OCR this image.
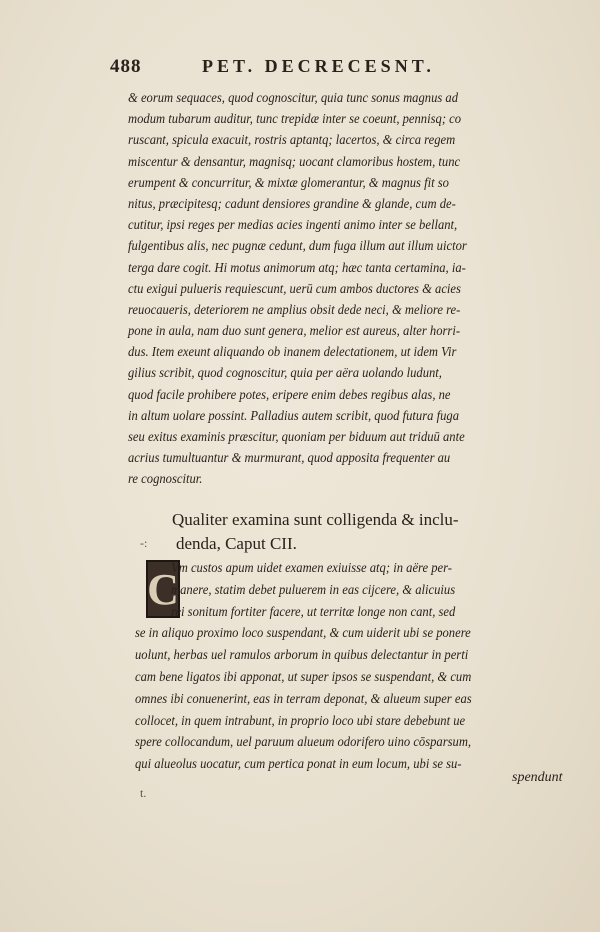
488	PET. DECRECESNT.
& eorum sequaces, quod cognoscitur, quia tunc sonus magnus ad
modum tubarum auditur, tunc trepidæ inter se coeunt, pennisq; co
ruscant, spicula exacuit, rostris aptantq; lacertos, & circa regem
miscentur & densantur, magnisq; uocant clamoribus hostem, tunc
erumpent & concurritur, & mixtæ glomerantur, & magnus fit so
nitus, præcipitesq; cadunt densiores grandine & glande, cum de-
cutitur, ipsi reges per medias acies ingenti animo inter se bellant,
fulgentibus alis, nec pugnæ cedunt, dum fuga illum aut illum uictor
terga dare cogit. Hi motus animorum atq; hæc tanta certamina, ia-
ctu exigui pulueris requiescunt, uerū cum ambos ductores & acies
reuocaueris, deteriorem ne amplius obsit dede neci, & meliore re-
pone in aula, nam duo sunt genera, melior est aureus, alter horri-
dus. Item exeunt aliquando ob inanem delectationem, ut idem Vir
gilius scribit, quod cognoscitur, quia per aëra uolando ludunt,
quod facile prohibere potes, eripere enim debes regibus alas, ne
in altum uolare possint. Palladius autem scribit, quod futura fuga
seu exitus examinis præscitur, quoniam per biduum aut triduū ante
acrius tumultuantur & murmurant, quod apposita frequenter au
re cognoscitur.
Qualiter examina sunt colligenda & inclu-
denda, Caput CII.
-:
C
Vm custos apum uidet examen exiuisse atq; in aëre per-
manere, statim debet puluerem in eas cijcere, & alicuius
rei sonitum fortiter facere, ut territæ longe non cant, sed
se in aliquo proximo loco suspendant, & cum uiderit ubi se ponere
uolunt, herbas uel ramulos arborum in quibus delectantur in perti
cam bene ligatos ibi apponat, ut super ipsos se suspendant, & cum
omnes ibi conuenerint, eas in terram deponat, & alueum super eas
collocet, in quem intrabunt, in proprio loco ubi stare debebunt ue
spere collocandum, uel paruum alueum odorifero uino cōsparsum,
qui alueolus uocatur, cum pertica ponat in eum locum, ubi se su-
t.
spendunt
